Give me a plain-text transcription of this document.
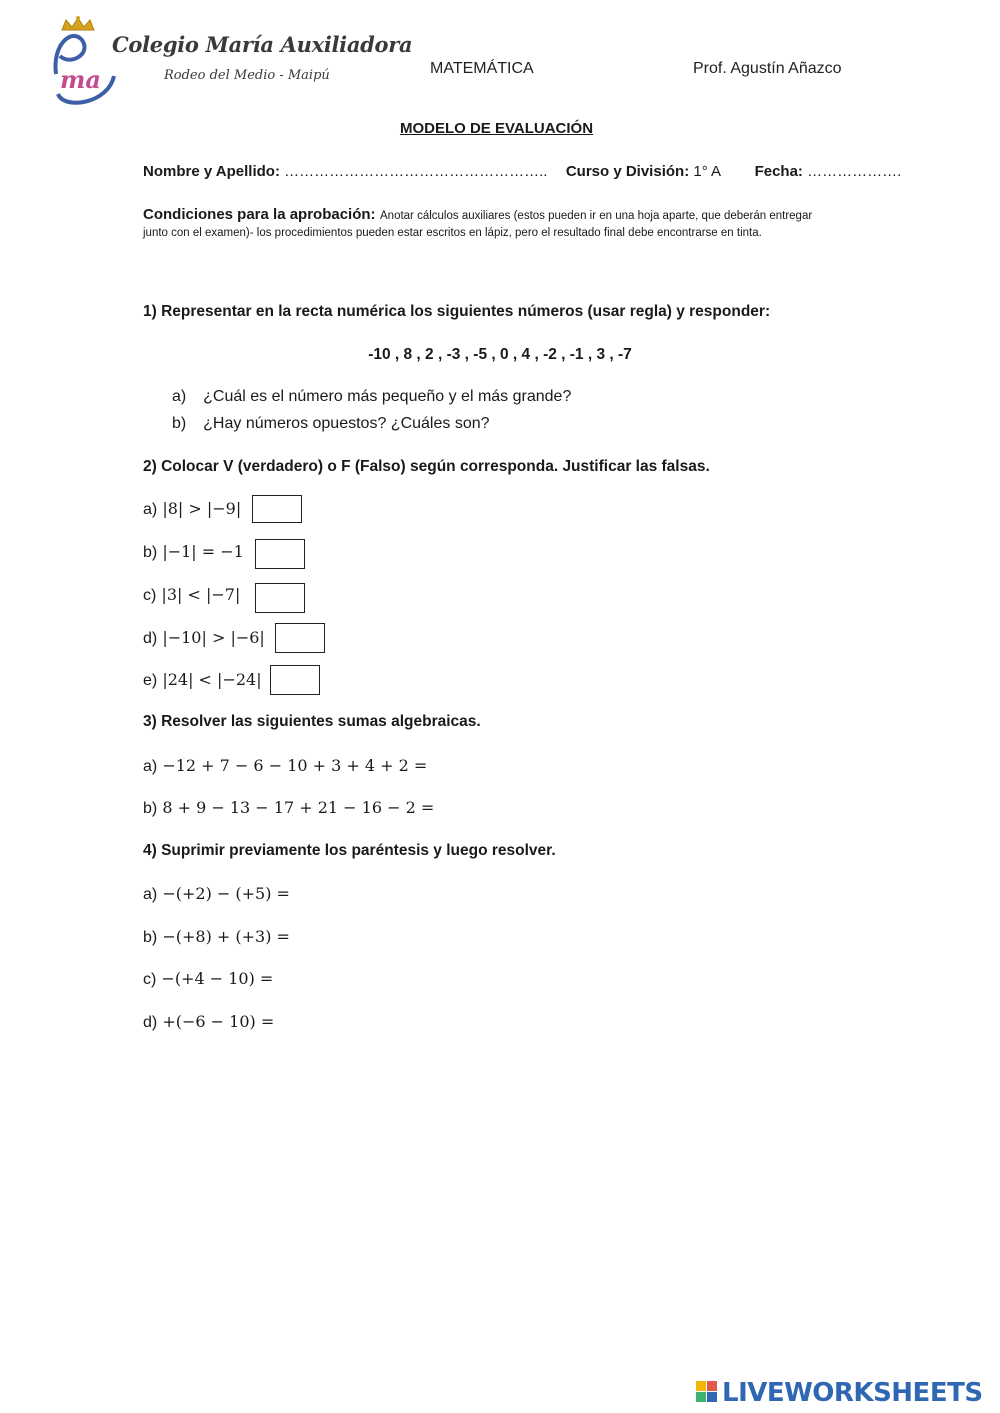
ma
Colegio María Auxiliadora
Rodeo del Medio - Maipú	MATEMÁTICA	Prof. Agustín Añazco
MODELO DE EVALUACIÓN
Nombre y Apellido: …………………………………………….. Curso y División: 1° A Fecha: ……………….
Condiciones para la aprobación: Anotar cálculos auxiliares (estos pueden ir en una hoja aparte, que deberán entregar
junto con el examen)- los procedimientos pueden estar escritos en lápiz, pero el resultado final debe encontrarse en tinta.
1) Representar en la recta numérica los siguientes números (usar regla) y responder:
-10 , 8 , 2 , -3 , -5 , 0 , 4 , -2 , -1 , 3 , -7
a) ¿Cuál es el número más pequeño y el más grande?
b) ¿Hay números opuestos? ¿Cuáles son?
2) Colocar V (verdadero) o F (Falso) según corresponda. Justificar las falsas.
a) |8| > |−9|
b) |−1| = −1
c) |3| < |−7|
d) |−10| > |−6|
e) |24| < |−24|
3) Resolver las siguientes sumas algebraicas.
a) −12 + 7 − 6 − 10 + 3 + 4 + 2 =
b) 8 + 9 − 13 − 17 + 21 − 16 − 2 =
4) Suprimir previamente los paréntesis y luego resolver.
a) −(+2) − (+5) =
b) −(+8) + (+3) =
c) −(+4 − 10) =
d) +(−6 − 10) =
LIVEWORKSHEETS
